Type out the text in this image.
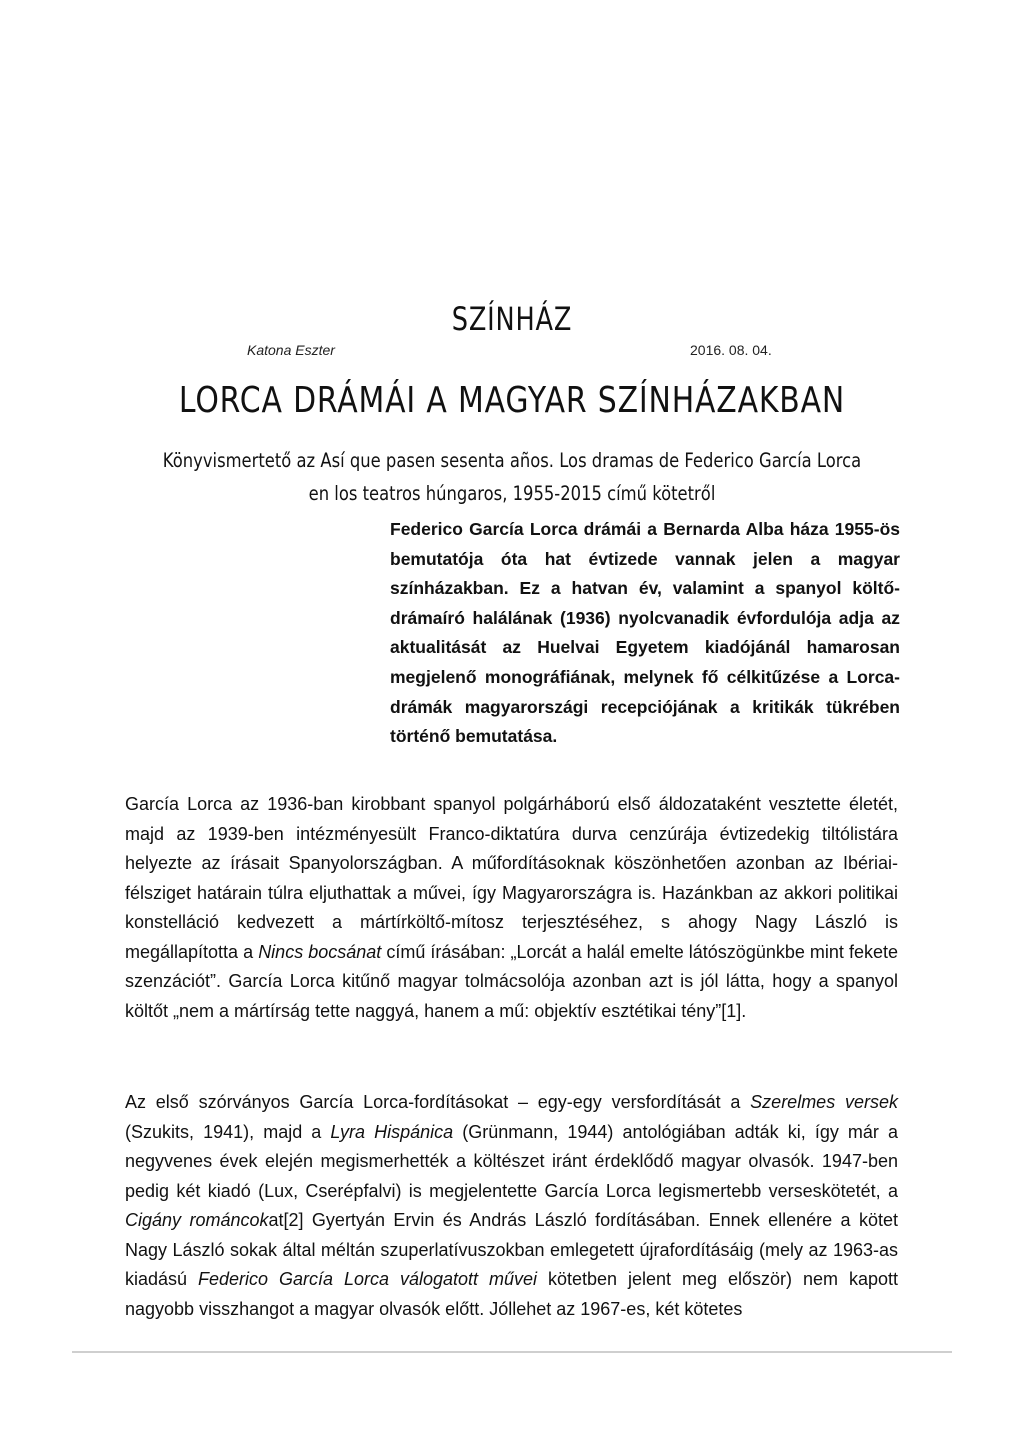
SZÍNHÁZ
Katona Eszter	2016. 08. 04.
LORCA DRÁMÁI A MAGYAR SZÍNHÁZAKBAN
Könyvismertető az Así que pasen sesenta años. Los dramas de Federico García Lorca
en los teatros húngaros, 1955-2015 című kötetről
Federico García Lorca drámái a Bernarda Alba háza 1955-ös bemutatója óta hat évtizede vannak jelen a magyar színházakban. Ez a hatvan év, valamint a spanyol költő-drámaíró halálának (1936) nyolcvanadik évfordulója adja az aktualitását az Huelvai Egyetem kiadójánál hamarosan megjelenő monográfiának, melynek fő célkitűzése a Lorca-drámák magyarországi recepciójának a kritikák tükrében történő bemutatása.

García Lorca az 1936-ban kirobbant spanyol polgárháború első áldozataként vesztette életét, majd az 1939-ben intézményesült Franco-diktatúra durva cenzúrája évtizedekig tiltólistára helyezte az írásait Spanyolországban. A műfordításoknak köszönhetően azonban az Ibériai-félsziget határain túlra eljuthattak a művei, így Magyarországra is. Hazánkban az akkori politikai konstelláció kedvezett a mártírköltő-mítosz terjesztéséhez, s ahogy Nagy László is megállapította a Nincs bocsánat című írásában: „Lorcát a halál emelte látószögünkbe mint fekete szenzációt”. García Lorca kitűnő magyar tolmácsolója azonban azt is jól látta, hogy a spanyol költőt „nem a mártírság tette naggyá, hanem a mű: objektív esztétikai tény”[1].

Az első szórványos García Lorca-fordításokat – egy-egy versfordítását a Szerelmes versek (Szukits, 1941), majd a Lyra Hispánica (Grünmann, 1944) antológiában adták ki, így már a negyvenes évek elején megismerhették a költészet iránt érdeklődő magyar olvasók. 1947-ben pedig két kiadó (Lux, Cserépfalvi) is megjelentette García Lorca legismertebb verseskötetét, a Cigány románcokat[2] Gyertyán Ervin és András László fordításában. Ennek ellenére a kötet Nagy László sokak által méltán szuperlatívuszokban emlegetett újrafordításáig (mely az 1963-as kiadású Federico García Lorca válogatott művei kötetben jelent meg először) nem kapott nagyobb visszhangot a magyar olvasók előtt. Jóllehet az 1967-es, két kötetes
